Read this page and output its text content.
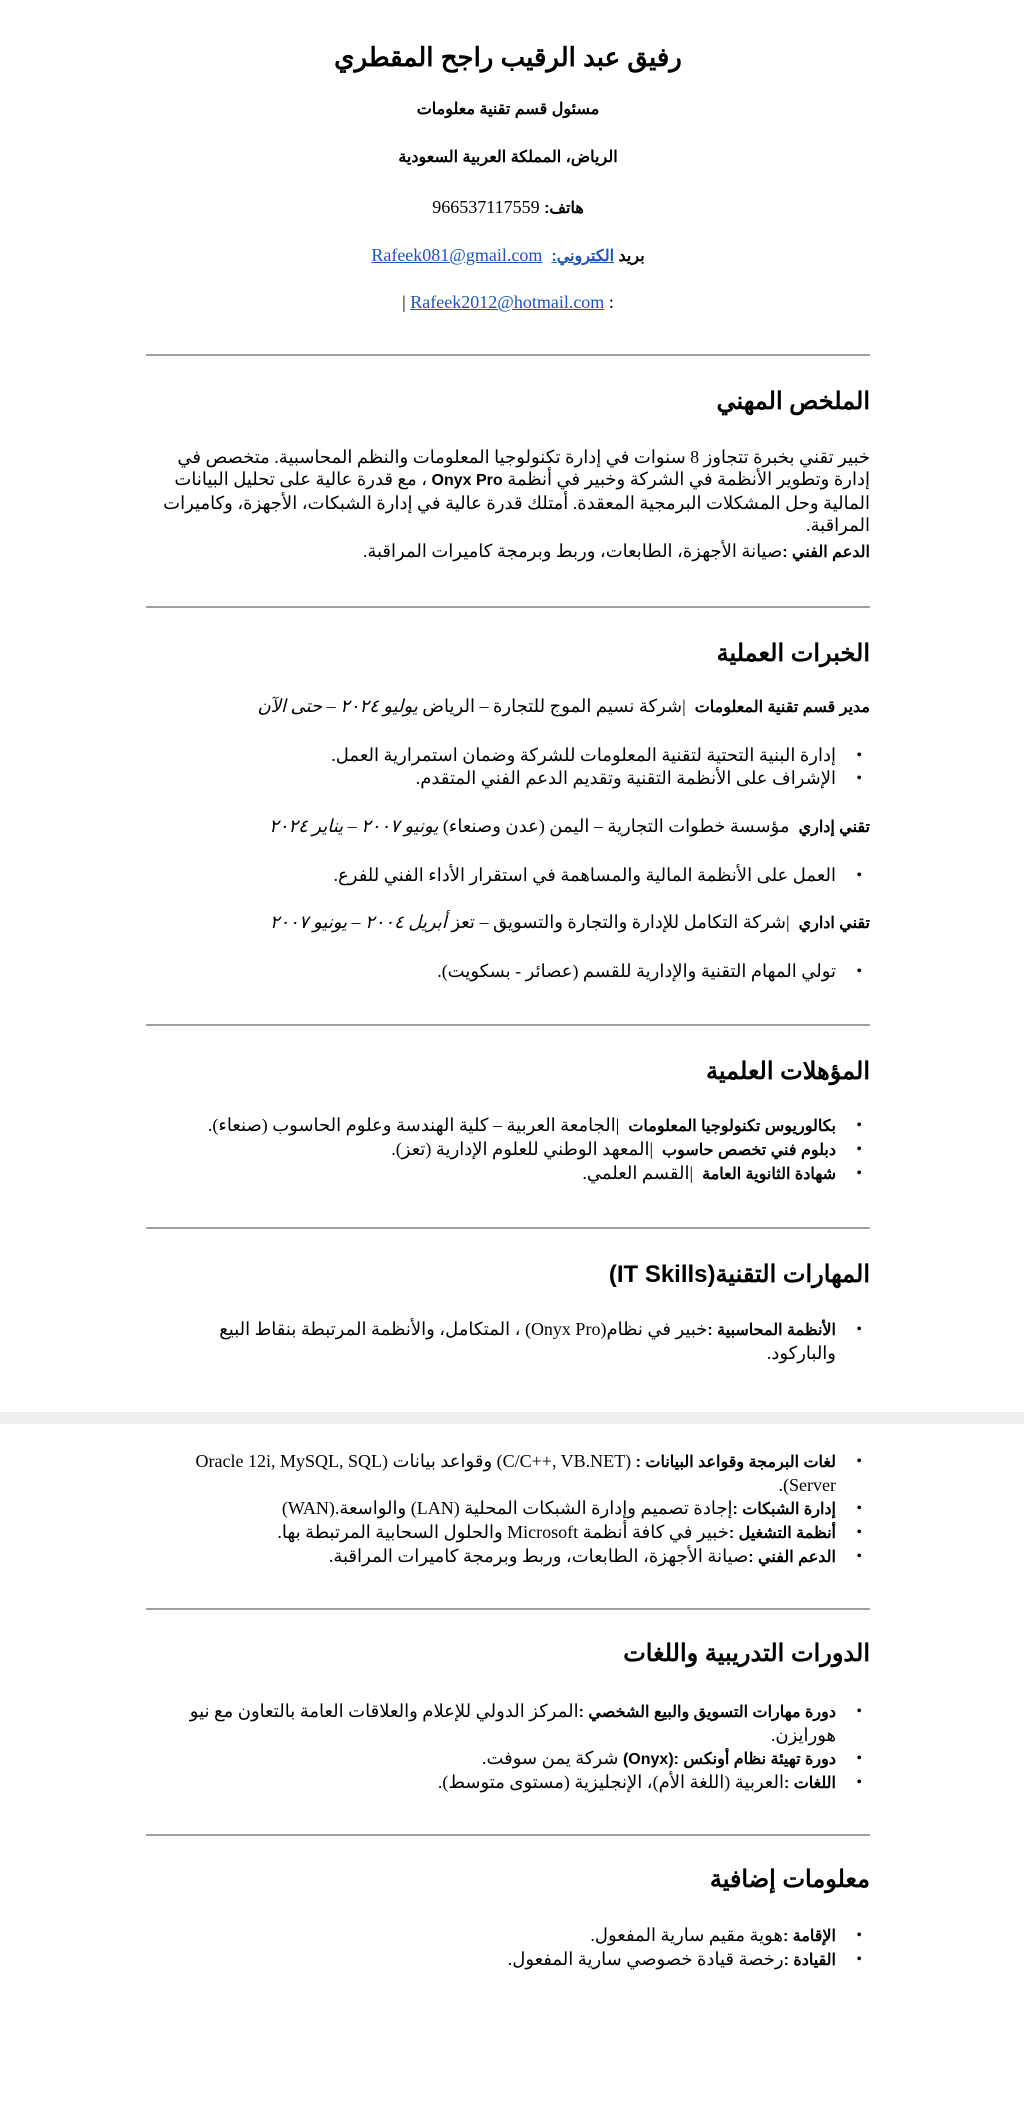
رفيق عبد الرقيب راجح المقطري
مسئول قسم تقنية معلومات
الرياض، المملكة العربية السعودية
هاتف: 966537117559
بريد الكتروني:  Rafeek081@gmail.com
: Rafeek2012@hotmail.com |
الملخص المهني

خبير تقني بخبرة تتجاوز 8 سنوات في إدارة تكنولوجيا المعلومات والنظم المحاسبية. متخصص في إدارة وتطوير الأنظمة في الشركة وخبير في أنظمة Onyx Pro ، مع قدرة عالية على تحليل البيانات المالية وحل المشكلات البرمجية المعقدة. أمتلك قدرة عالية في إدارة الشبكات، الأجهزة، وكاميرات المراقبة.

الدعم الفني :صيانة الأجهزة، الطابعات، وربط وبرمجة كاميرات المراقبة.

الخبرات العملية

مدير قسم تقنية المعلومات  |شركة نسيم الموج للتجارة – الرياض يوليو ٢٠٢٤ – حتى الآن

• إدارة البنية التحتية لتقنية المعلومات للشركة وضمان استمرارية العمل.
• الإشراف على الأنظمة التقنية وتقديم الدعم الفني المتقدم.

تقني إداري  مؤسسة خطوات التجارية – اليمن (عدن وصنعاء) يونيو ٢٠٠٧ – يناير ٢٠٢٤

• العمل على الأنظمة المالية والمساهمة في استقرار الأداء الفني للفرع.

تقني اداري  |شركة التكامل للإدارة والتجارة والتسويق – تعز أبريل ٢٠٠٤ – يونيو ٢٠٠٧

• تولي المهام التقنية والإدارية للقسم (عصائر - بسكويت).
المؤهلات العلمية
• بكالوريوس تكنولوجيا المعلومات  |الجامعة العربية – كلية الهندسة وعلوم الحاسوب (صنعاء).
• دبلوم فني تخصص حاسوب  |المعهد الوطني للعلوم الإدارية (تعز).
• شهادة الثانوية العامة  |القسم العلمي.
المهارات التقنية(IT Skills)
• الأنظمة المحاسبية :خبير في نظام(Onyx Pro) ، المتكامل، والأنظمة المرتبطة بنقاط البيع والباركود.
• لغات البرمجة وقواعد البيانات : (C/C++, VB.NET) وقواعد بيانات (Oracle 12i, MySQL, SQL Server).
• إدارة الشبكات :إجادة تصميم وإدارة الشبكات المحلية (LAN) والواسعة.(WAN)
• أنظمة التشغيل :خبير في كافة أنظمة Microsoft والحلول السحابية المرتبطة بها.
• الدعم الفني :صيانة الأجهزة، الطابعات، وربط وبرمجة كاميرات المراقبة.
الدورات التدريبية واللغات
• دورة مهارات التسويق والبيع الشخصي :المركز الدولي للإعلام والعلاقات العامة بالتعاون مع نيو هورايزن.
• دورة تهيئة نظام أونكس :(Onyx) شركة يمن سوفت.
• اللغات :العربية (اللغة الأم)، الإنجليزية (مستوى متوسط).
معلومات إضافية
• الإقامة :هوية مقيم سارية المفعول.
• القيادة :رخصة قيادة خصوصي سارية المفعول.
